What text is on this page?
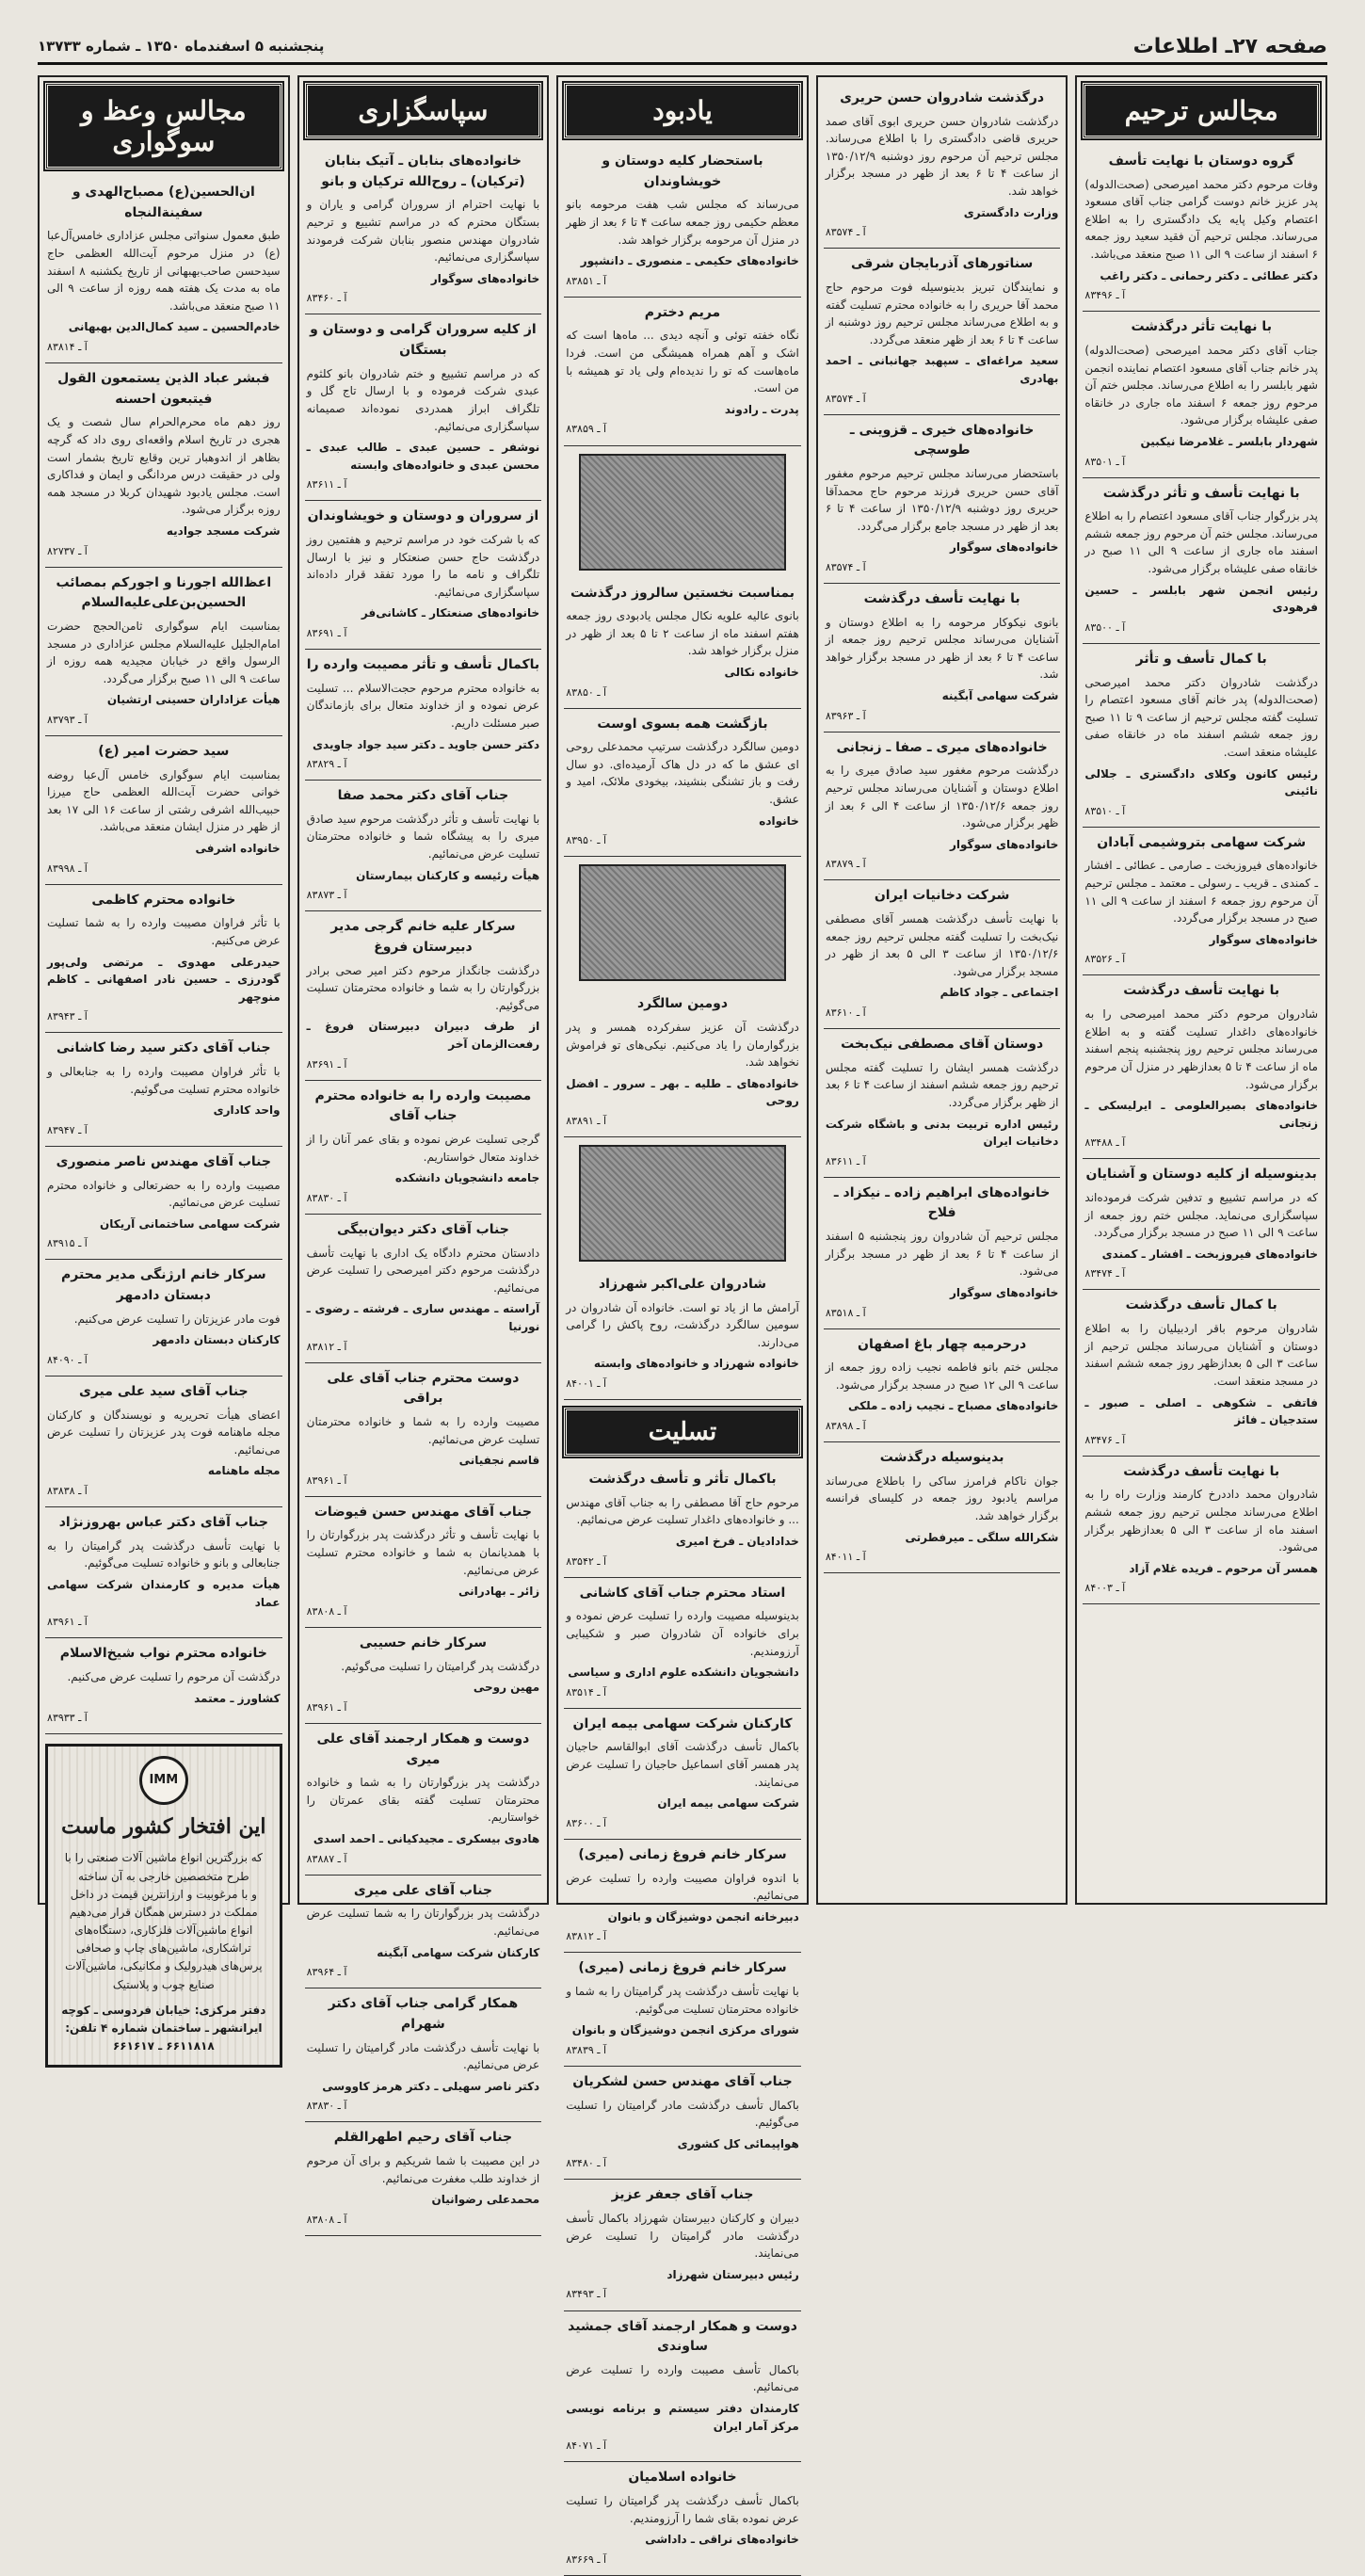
صفحه ۲۷ـ اطلاعات
پنجشنبه ۵ اسفندماه ۱۳۵۰ ـ شماره ۱۳۷۳۳
مجالس ترحیم
گروه دوستان با نهایت تأسف
وفات مرحوم دکتر محمد امیرصحی (صحت‌الدوله) پدر عزیز خانم دوست گرامی جناب آقای مسعود اعتصام وکیل پایه یک دادگستری را به اطلاع می‌رساند. مجلس ترحیم آن فقید سعید روز جمعه ۶ اسفند از ساعت ۹ الی ۱۱ صبح منعقد می‌باشد.
دکتر عطائی ـ دکتر رحمانی ـ دکتر راغب
آ ـ ۸۳۴۹۶
با نهایت تأثر درگذشت
جناب آقای دکتر محمد امیرصحی (صحت‌الدوله) پدر خانم جناب آقای مسعود اعتصام نماینده انجمن شهر بابلسر را به اطلاع می‌رساند. مجلس ختم آن مرحوم روز جمعه ۶ اسفند ماه جاری در خانقاه صفی علیشاه برگزار می‌شود.
شهردار بابلسر ـ غلامرضا نیکبین
آ ـ ۸۳۵۰۱
با نهایت تأسف و تأثر درگذشت
پدر بزرگوار جناب آقای مسعود اعتصام را به اطلاع می‌رساند. مجلس ختم آن مرحوم روز جمعه ششم اسفند ماه جاری از ساعت ۹ الی ۱۱ صبح در خانقاه صفی علیشاه برگزار می‌شود.
رئیس انجمن شهر بابلسر ـ حسین فرهودی
آ ـ ۸۳۵۰۰
با کمال تأسف و تأثر
درگذشت شادروان دکتر محمد امیرصحی (صحت‌الدوله) پدر خانم آقای مسعود اعتصام را تسلیت گفته مجلس ترحیم از ساعت ۹ تا ۱۱ صبح روز جمعه ششم اسفند ماه در خانقاه صفی علیشاه منعقد است.
رئیس کانون وکلای دادگستری ـ جلالی نائینی
آ ـ ۸۳۵۱۰
شرکت سهامی بتروشیمی آبادان
خانواده‌های فیروزبخت ـ صارمی ـ عطائی ـ افشار ـ کمندی ـ قریب ـ رسولی ـ معتمد ـ مجلس ترحیم آن مرحوم روز جمعه ۶ اسفند از ساعت ۹ الی ۱۱ صبح در مسجد برگزار می‌گردد.
خانواده‌های سوگوار
آ ـ ۸۳۵۲۶
با نهایت تأسف درگذشت
شادروان مرحوم دکتر محمد امیرصحی را به خانواده‌های داغدار تسلیت گفته و به اطلاع می‌رساند مجلس ترحیم روز پنجشنبه پنجم اسفند ماه از ساعت ۴ تا ۵ بعدازظهر در منزل آن مرحوم برگزار می‌شود.
خانواده‌های بصیرالعلومی ـ ایرلیسکی ـ زنجانی
آ ـ ۸۳۴۸۸
بدینوسیله از کلیه دوستان و آشنایان
که در مراسم تشییع و تدفین شرکت فرموده‌اند سپاسگزاری می‌نماید. مجلس ختم روز جمعه از ساعت ۹ الی ۱۱ صبح در مسجد برگزار می‌گردد.
خانواده‌های فیروزبخت ـ افشار ـ کمندی
آ ـ ۸۳۴۷۴
با کمال تأسف درگذشت
شادروان مرحوم باقر اردبیلیان را به اطلاع دوستان و آشنایان می‌رساند مجلس ترحیم از ساعت ۳ الی ۵ بعدازظهر روز جمعه ششم اسفند در مسجد منعقد است.
فاتفی ـ شکوهی ـ اصلی ـ صبور ـ ستدجیان ـ فائز
آ ـ ۸۳۴۷۶
با نهایت تأسف درگذشت
شادروان محمد داددرخ کارمند وزارت راه را به اطلاع می‌رساند مجلس ترحیم روز جمعه ششم اسفند ماه از ساعت ۳ الی ۵ بعدازظهر برگزار می‌شود.
همسر آن مرحوم ـ فریده غلام آزاد
آ ـ ۸۴۰۰۳
درگذشت شادروان حسن حریری
درگذشت شادروان حسن حریری ابوی آقای صمد حریری قاضی دادگستری را با اطلاع می‌رساند. مجلس ترحیم آن مرحوم روز دوشنبه ۱۳۵۰/۱۲/۹ از ساعت ۴ تا ۶ بعد از ظهر در مسجد برگزار خواهد شد.
وزارت دادگستری
آ ـ ۸۳۵۷۴
سناتورهای آذربایجان شرقی
و نمایندگان تبریز بدینوسیله فوت مرحوم حاج محمد آقا حریری را به خانواده محترم تسلیت گفته و به اطلاع می‌رساند مجلس ترحیم روز دوشنبه از ساعت ۴ تا ۶ بعد از ظهر منعقد می‌گردد.
سعید مراغه‌ای ـ سپهبد جهانبانی ـ احمد بهادری
آ ـ ۸۳۵۷۴
خانواده‌های خیری ـ قزوینی ـ طوسچی
باستحضار می‌رساند مجلس ترحیم مرحوم مغفور آقای حسن حریری فرزند مرحوم حاج محمدآقا حریری روز دوشنبه ۱۳۵۰/۱۲/۹ از ساعت ۴ تا ۶ بعد از ظهر در مسجد جامع برگزار می‌گردد.
خانواده‌های سوگوار
آ ـ ۸۳۵۷۴
با نهایت تأسف درگذشت
بانوی نیکوکار مرحومه را به اطلاع دوستان و آشنایان می‌رساند مجلس ترحیم روز جمعه از ساعت ۴ تا ۶ بعد از ظهر در مسجد برگزار خواهد شد.
شرکت سهامی آبگینه
آ ـ ۸۳۹۶۳
خانواده‌های میری ـ صفا ـ زنجانی
درگذشت مرحوم مغفور سید صادق میری را به اطلاع دوستان و آشنایان می‌رساند مجلس ترحیم روز جمعه ۱۳۵۰/۱۲/۶ از ساعت ۴ الی ۶ بعد از ظهر برگزار می‌شود.
خانواده‌های سوگوار
آ ـ ۸۳۸۷۹
شرکت دخانیات ایران
با نهایت تأسف درگذشت همسر آقای مصطفی نیک‌بخت را تسلیت گفته مجلس ترحیم روز جمعه ۱۳۵۰/۱۲/۶ از ساعت ۳ الی ۵ بعد از ظهر در مسجد برگزار می‌شود.
اجتماعی ـ جواد کاظم
آ ـ ۸۳۶۱۰
دوستان آقای مصطفی نیک‌بخت
درگذشت همسر ایشان را تسلیت گفته مجلس ترحیم روز جمعه ششم اسفند از ساعت ۴ تا ۶ بعد از ظهر برگزار می‌گردد.
رئیس اداره تربیت بدنی و باشگاه شرکت دخانیات ایران
آ ـ ۸۳۶۱۱
خانواده‌های ابراهیم زاده ـ نیکزاد ـ فلاح
مجلس ترحیم آن شادروان روز پنجشنبه ۵ اسفند از ساعت ۴ تا ۶ بعد از ظهر در مسجد برگزار می‌شود.
خانواده‌های سوگوار
آ ـ ۸۳۵۱۸
درحرمیه چهار باغ اصفهان
مجلس ختم بانو فاطمه نجیب زاده روز جمعه از ساعت ۹ الی ۱۲ صبح در مسجد برگزار می‌شود.
خانواده‌های مصباح ـ نجیب زاده ـ ملکی
آ ـ ۸۳۸۹۸
بدینوسیله درگذشت
جوان ناکام فرامرز ساکی را باطلاع می‌رساند مراسم یادبود روز جمعه در کلیسای فرانسه برگزار خواهد شد.
شکرالله سلگی ـ میرفطرتی
آ ـ ۸۴۰۱۱
یادبود
باستحضار کلیه دوستان و خویشاوندان
می‌رساند که مجلس شب هفت مرحومه بانو معظم حکیمی روز جمعه ساعت ۴ تا ۶ بعد از ظهر در منزل آن مرحومه برگزار خواهد شد.
خانواده‌های حکیمی ـ منصوری ـ دانشپور
آ ـ ۸۳۸۵۱
مریم دخترم
نگاه خفته توئی و آنچه دیدی ... ماه‌ها است که اشک و آهم همراه همیشگی من است. فردا ماه‌هاست که تو را ندیده‌ام ولی یاد تو همیشه با من است.
پدرت ـ رادوند
آ ـ ۸۳۸۵۹
بمناسبت نخستین سالروز درگذشت
بانوی عالیه علویه نکال مجلس یادبودی روز جمعه هفتم اسفند ماه از ساعت ۲ تا ۵ بعد از ظهر در منزل برگزار خواهد شد.
خانواده نکالی
آ ـ ۸۳۸۵۰
بازگشت همه بسوی اوست
دومین سالگرد درگذشت سرتیپ محمدعلی روحی ای عشق ما که در دل هاک آرمیده‌ای. دو سال رفت و باز تشنگی بنشیند، بیخودی ملائک، امید و عشق.
خانواده
آ ـ ۸۳۹۵۰
دومین سالگرد
درگذشت آن عزیز سفرکرده همسر و پدر بزرگوارمان را یاد می‌کنیم. نیکی‌های تو فراموش نخواهد شد.
خانواده‌های ـ طلیه ـ بهر ـ سرور ـ افضل روحی
آ ـ ۸۳۸۹۱
شادروان علی‌اکبر شهرزاد
آرامش ما از یاد تو است. خانواده آن شادروان در سومین سالگرد درگذشت، روح پاکش را گرامی می‌دارند.
خانواده شهرزاد و خانواده‌های وابسته
آ ـ ۸۴۰۰۱
تسلیت
باکمال تأثر و تأسف درگذشت
مرحوم حاج آقا مصطفی را به جناب آقای مهندس ... و خانواده‌های داغدار تسلیت عرض می‌نمائیم.
خدادادیان ـ فرخ امیری
آ ـ ۸۳۵۴۲
استاد محترم جناب آقای کاشانی
بدینوسیله مصیبت وارده را تسلیت عرض نموده و برای خانواده آن شادروان صبر و شکیبایی آرزومندیم.
دانشجویان دانشکده علوم اداری و سیاسی
آ ـ ۸۳۵۱۴
کارکنان شرکت سهامی بیمه ایران
باکمال تأسف درگذشت آقای ابوالقاسم حاجیان پدر همسر آقای اسماعیل حاجیان را تسلیت عرض می‌نمایند.
شرکت سهامی بیمه ایران
آ ـ ۸۳۶۰۰
سرکار خانم فروغ زمانی (میری)
با اندوه فراوان مصیبت وارده را تسلیت عرض می‌نمائیم.
دبیرخانه انجمن دوشیزگان و بانوان
آ ـ ۸۳۸۱۲
سرکار خانم فروغ زمانی (میری)
با نهایت تأسف درگذشت پدر گرامیتان را به شما و خانواده محترمتان تسلیت می‌گوئیم.
شورای مرکزی انجمن دوشیزگان و بانوان
آ ـ ۸۳۸۳۹
جناب آقای مهندس حسن لشکریان
باکمال تأسف درگذشت مادر گرامیتان را تسلیت می‌گوئیم.
هواپیمائی کل کشوری
آ ـ ۸۳۴۸۰
جناب آقای جعفر عزیز
دبیران و کارکنان دبیرستان شهرزاد باکمال تأسف درگذشت مادر گرامیتان را تسلیت عرض می‌نمایند.
رئیس دبیرستان شهرزاد
آ ـ ۸۳۴۹۳
دوست و همکار ارجمند آقای جمشید ساوندی
باکمال تأسف مصیبت وارده را تسلیت عرض می‌نمائیم.
کارمندان دفتر سیستم و برنامه نویسی مرکز آمار ایران
آ ـ ۸۴۰۷۱
خانواده اسلامیان
باکمال تأسف درگذشت پدر گرامیتان را تسلیت عرض نموده بقای شما را آرزومندیم.
خانواده‌های نراقی ـ داداشی
آ ـ ۸۳۶۶۹
سپاسگزاری
خانواده‌های بنابان ـ آتیک بنابان (ترکیان) ـ روح‌الله ترکیان و بانو
با نهایت احترام از سروران گرامی و یاران و بستگان محترم که در مراسم تشییع و ترحیم شادروان مهندس منصور بنابان شرکت فرمودند سپاسگزاری می‌نمائیم.
خانواده‌های سوگوار
آ ـ ۸۳۴۶۰
از کلیه سروران گرامی و دوستان و بستگان
که در مراسم تشییع و ختم شادروان بانو کلثوم عبدی شرکت فرموده و با ارسال تاج گل و تلگراف ابراز همدردی نموده‌اند صمیمانه سپاسگزاری می‌نمائیم.
نوشفر ـ حسین عبدی ـ طالب عبدی ـ محسن عبدی و خانواده‌های وابسته
آ ـ ۸۳۶۱۱
از سروران و دوستان و خویشاوندان
که با شرکت خود در مراسم ترحیم و هفتمین روز درگذشت حاج حسن صنعتکار و نیز با ارسال تلگراف و نامه ما را مورد تفقد قرار داده‌اند سپاسگزاری می‌نمائیم.
خانواده‌های صنعتکار ـ کاشانی‌فر
آ ـ ۸۳۶۹۱
باکمال تأسف و تأثر مصیبت وارده را
به خانواده محترم مرحوم حجت‌الاسلام ... تسلیت عرض نموده و از خداوند متعال برای بازماندگان صبر مسئلت داریم.
دکتر حسن جاوید ـ دکتر سید جواد جاویدی
آ ـ ۸۳۸۲۹
جناب آقای دکتر محمد صفا
با نهایت تأسف و تأثر درگذشت مرحوم سید صادق میری را به پیشگاه شما و خانواده محترمتان تسلیت عرض می‌نمائیم.
هیأت رئیسه و کارکنان بیمارستان
آ ـ ۸۳۸۷۳
سرکار علیه خانم گرجی مدیر دبیرستان فروغ
درگذشت جانگداز مرحوم دکتر امیر صحی برادر بزرگوارتان را به شما و خانواده محترمتان تسلیت می‌گوئیم.
از طرف دبیران دبیرستان فروغ ـ رفعت‌الزمان آخر
آ ـ ۸۳۶۹۱
مصیبت وارده را به خانواده محترم جناب آقای
گرجی تسلیت عرض نموده و بقای عمر آنان را از خداوند متعال خواستاریم.
جامعه دانشجویان دانشکده
آ ـ ۸۳۸۳۰
جناب آقای دکتر دیوان‌بیگی
دادستان محترم دادگاه یک اداری با نهایت تأسف درگذشت مرحوم دکتر امیرصحی را تسلیت عرض می‌نمائیم.
آراسته ـ مهندس ساری ـ فرشته ـ رضوی ـ نورنیا
آ ـ ۸۳۸۱۲
دوست محترم جناب آقای علی براقی
مصیبت وارده را به شما و خانواده محترمتان تسلیت عرض می‌نمائیم.
قاسم نجفیانی
آ ـ ۸۳۹۶۱
جناب آقای مهندس حسن فیوضات
با نهایت تأسف و تأثر درگذشت پدر بزرگوارتان را با همدیانمان به شما و خانواده محترم تسلیت عرض می‌نمائیم.
زائر ـ بهادرانی
آ ـ ۸۳۸۰۸
سرکار خانم حسیبی
درگذشت پدر گرامیتان را تسلیت می‌گوئیم.
مهین روحی
آ ـ ۸۳۹۶۱
دوست و همکار ارجمند آقای علی میری
درگذشت پدر بزرگوارتان را به شما و خانواده محترمتان تسلیت گفته بقای عمرتان را خواستاریم.
هادوی بیسکری ـ مجیدکیانی ـ احمد اسدی
آ ـ ۸۳۸۸۷
جناب آقای علی میری
درگذشت پدر بزرگوارتان را به شما تسلیت عرض می‌نمائیم.
کارکنان شرکت سهامی آبگینه
آ ـ ۸۳۹۶۴
همکار گرامی جناب آقای دکتر شهرام
با نهایت تأسف درگذشت مادر گرامیتان را تسلیت عرض می‌نمائیم.
دکتر ناصر سهیلی ـ دکتر هرمز کاووسی
آ ـ ۸۳۸۳۰
جناب آقای رحیم اطهرالقلم
در این مصیبت با شما شریکیم و برای آن مرحوم از خداوند طلب مغفرت می‌نمائیم.
محمدعلی رضوانیان
آ ـ ۸۳۸۰۸
مجالس وعظ و سوگواری
ان‌الحسین(ع) مصباح‌الهدی و سفینة‌النجاه
طبق معمول سنواتی مجلس عزاداری خامس‌آل‌عبا (ع) در منزل مرحوم آیت‌الله العظمی حاج سیدحسن صاحب‌بهبهانی از تاریخ یکشنبه ۸ اسفند ماه به مدت یک هفته همه روزه از ساعت ۹ الی ۱۱ صبح منعقد می‌باشد.
خادم‌الحسین ـ سید کمال‌الدین بهبهانی
آ ـ ۸۳۸۱۴
فبشر عباد الذین یستمعون القول فیتبعون احسنه
روز دهم ماه محرم‌الحرام سال شصت و یک هجری در تاریخ اسلام واقعه‌ای روی داد که گرچه بظاهر از اندوهبار ترین وقایع تاریخ بشمار است ولی در حقیقت درس مردانگی و ایمان و فداکاری است. مجلس یادبود شهیدان کربلا در مسجد همه روزه برگزار می‌شود.
شرکت مسجد جوادیه
آ ـ ۸۲۷۳۷
اعظ‌الله اجورنا و اجورکم بمصائب الحسین‌بن‌علی‌علیه‌السلام
بمناسبت ایام سوگواری ثامن‌الحجج حضرت امام‌الجلیل علیه‌السلام مجلس عزاداری در مسجد الرسول واقع در خیابان مجیدیه همه روزه از ساعت ۹ الی ۱۱ صبح برگزار می‌گردد.
هیأت عزاداران حسینی ارتشیان
آ ـ ۸۳۷۹۳
سید حضرت امیر (ع)
بمناسبت ایام سوگواری خامس آل‌عبا روضه خوانی حضرت آیت‌الله العظمی حاج میرزا حبیب‌الله اشرفی رشتی از ساعت ۱۶ الی ۱۷ بعد از ظهر در منزل ایشان منعقد می‌باشد.
خانواده اشرفی
آ ـ ۸۳۹۹۸
خانواده محترم کاظمی
با تأثر فراوان مصیبت وارده را به شما تسلیت عرض می‌کنیم.
حیدرعلی مهدوی ـ مرتضی ولی‌پور گودرزی ـ حسین نادر اصفهانی ـ کاظم منوچهر
آ ـ ۸۳۹۴۳
جناب آقای دکتر سید رضا کاشانی
با تأثر فراوان مصیبت وارده را به جنابعالی و خانواده محترم تسلیت می‌گوئیم.
واحد کاداری
آ ـ ۸۳۹۴۷
جناب آقای مهندس ناصر منصوری
مصیبت وارده را به حضرتعالی و خانواده محترم تسلیت عرض می‌نمائیم.
شرکت سهامی ساختمانی آریکان
آ ـ ۸۳۹۱۵
سرکار خانم ارژنگی مدیر محترم دبستان دادمهر
فوت مادر عزیزتان را تسلیت عرض می‌کنیم.
کارکنان دبستان دادمهر
آ ـ ۸۴۰۹۰
جناب آقای سید علی میری
اعضای هیأت تحریریه و نویسندگان و کارکنان مجله ماهنامه فوت پدر عزیزتان را تسلیت عرض می‌نمائیم.
مجله ماهنامه
آ ـ ۸۳۸۳۸
جناب آقای دکتر عباس بهروزنژاد
با نهایت تأسف درگذشت پدر گرامیتان را به جنابعالی و بانو و خانواده تسلیت می‌گوئیم.
هیأت مدیره و کارمندان شرکت سهامی عماد
آ ـ ۸۳۹۶۱
خانواده محترم نواب شیخ‌الاسلام
درگذشت آن مرحوم را تسلیت عرض می‌کنیم.
کشاورز ـ معتمد
آ ـ ۸۳۹۳۳
IMM
این افتخار کشور ماست
که بزرگترین انواع ماشین آلات صنعتی را با طرح متخصصین خارجی به آن ساخته
و با مرغوبیت و ارزانترین قیمت در داخل مملکت در دسترس همگان قرار می‌دهیم
انواع ماشین‌آلات فلزکاری، دستگاه‌های تراشکاری، ماشین‌های چاپ و صحافی
پرس‌های هیدرولیک و مکانیکی، ماشین‌آلات صنایع چوب و پلاستیک
دفتر مرکزی: خیابان فردوسی ـ کوچه ایرانشهر ـ ساختمان شماره ۴ تلفن: ۶۶۱۱۸۱۸ ـ ۶۶۱۶۱۷
